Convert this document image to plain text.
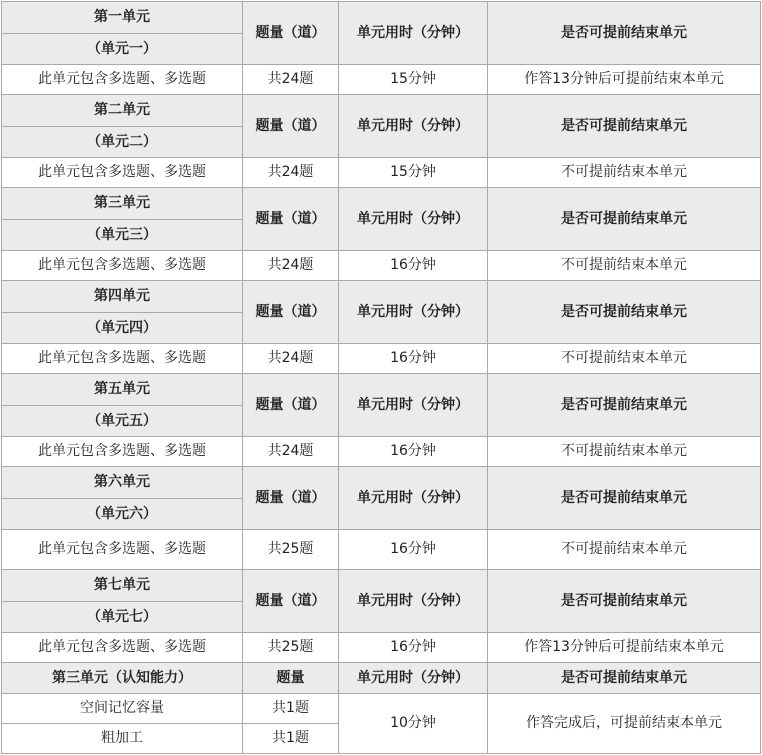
第一单元	题量（道）	单元用时（分钟）	是否可提前结束单元
（单元一）			
此单元包含多选题、多选题	共24题	15分钟	作答13分钟后可提前结束本单元
第二单元	题量（道）	单元用时（分钟）	是否可提前结束单元
（单元二）			
此单元包含多选题、多选题	共24题	15分钟	不可提前结束本单元
第三单元	题量（道）	单元用时（分钟）	是否可提前结束单元
（单元三）			
此单元包含多选题、多选题	共24题	16分钟	不可提前结束本单元
第四单元	题量（道）	单元用时（分钟）	是否可提前结束单元
（单元四）			
此单元包含多选题、多选题	共24题	16分钟	不可提前结束本单元
第五单元	题量（道）	单元用时（分钟）	是否可提前结束单元
（单元五）			
此单元包含多选题、多选题	共24题	16分钟	不可提前结束本单元
第六单元	题量（道）	单元用时（分钟）	是否可提前结束单元
（单元六）			
此单元包含多选题、多选题	共25题	16分钟	不可提前结束本单元
第七单元	题量（道）	单元用时（分钟）	是否可提前结束单元
（单元七）			
此单元包含多选题、多选题	共25题	16分钟	作答13分钟后可提前结束本单元
第三单元（认知能力）	题量	单元用时（分钟）	是否可提前结束单元
空间记忆容量	共1题	10分钟	作答完成后，可提前结束本单元
粗加工	共1题		
